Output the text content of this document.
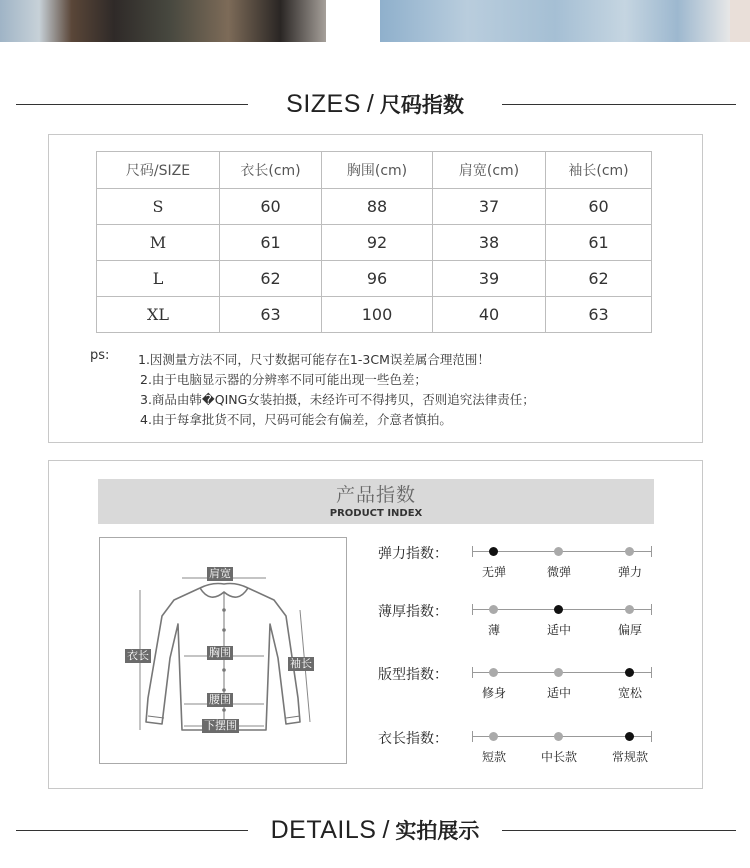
SIZES / 尺码指数
尺码/SIZE	衣长(cm)	胸围(cm)	肩宽(cm)	袖长(cm)
S	60	88	37	60
M	61	92	38	61
L	62	96	39	62
XL	63	100	40	63
ps: 1.因测量方法不同，尺寸数据可能存在1-3CM误差属合理范围！
2.由于电脑显示器的分辨率不同可能出现一些色差；
3.商品由韩�QING女装拍摄，未经许可不得拷贝，否则追究法律责任；
4.由于每拿批货不同，尺码可能会有偏差，介意者慎拍。
产品指数
PRODUCT INDEX
肩宽
衣长	胸围
袖长
腰围
下摆围
弹力指数：
无弹	微弹	弹力
薄厚指数：
薄	适中	偏厚
版型指数：
修身	适中	宽松
衣长指数：
短款	中长款	常规款
DETAILS / 实拍展示
